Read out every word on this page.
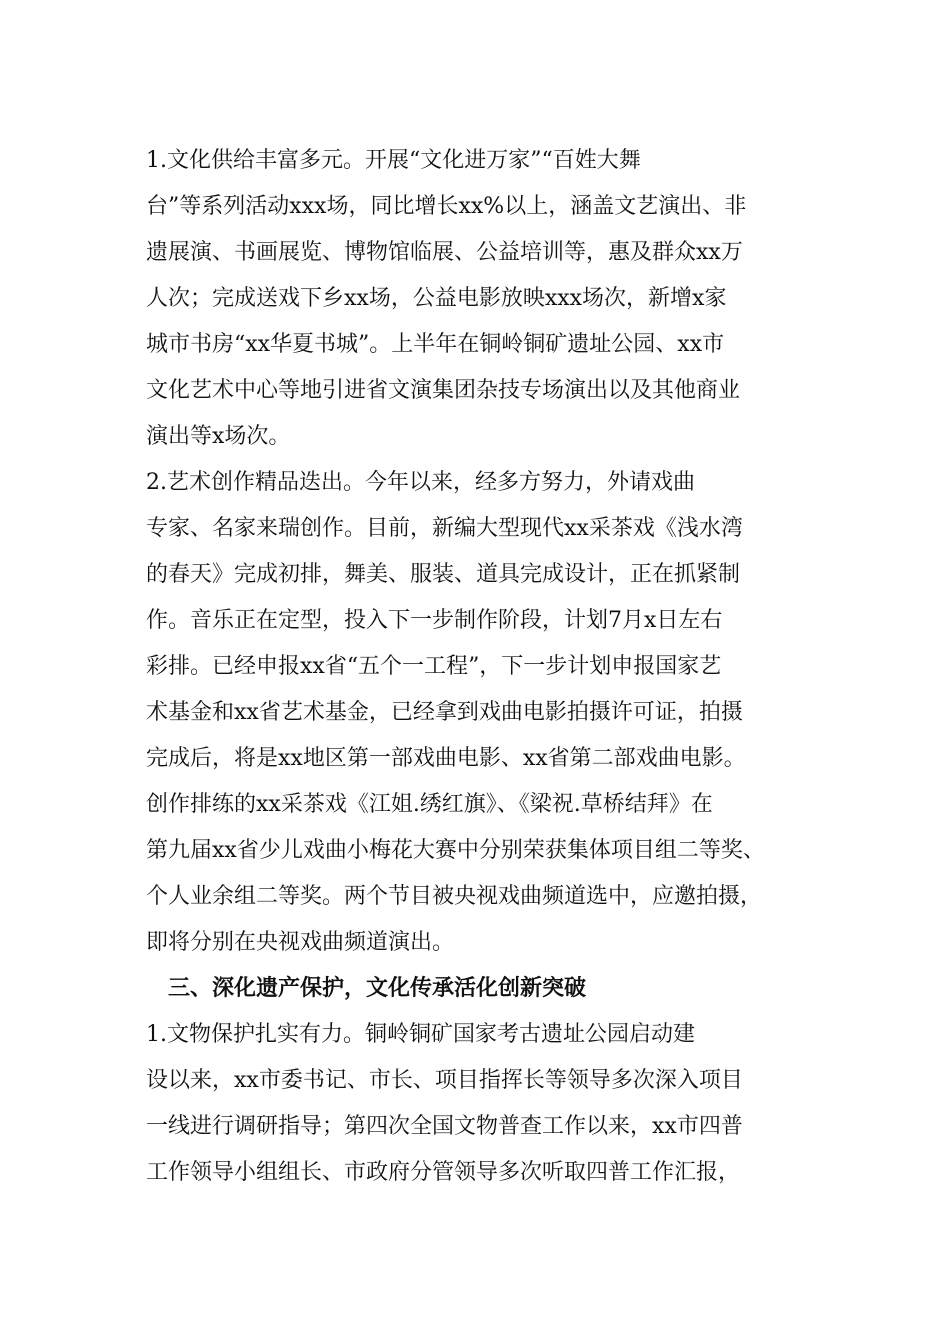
1.文化供给丰富多元。开展“文化进万家”“百姓大舞
台”等系列活动xxx场，同比增长xx%以上，涵盖文艺演出、非
遗展演、书画展览、博物馆临展、公益培训等，惠及群众xx万
人次；完成送戏下乡xx场，公益电影放映xxx场次，新增x家
城市书房“xx华夏书城”。上半年在铜岭铜矿遗址公园、xx市
文化艺术中心等地引进省文演集团杂技专场演出以及其他商业
演出等x场次。
2.艺术创作精品迭出。今年以来，经多方努力，外请戏曲
专家、名家来瑞创作。目前，新编大型现代xx采茶戏《浅水湾
的春天》完成初排，舞美、服装、道具完成设计，正在抓紧制
作。音乐正在定型，投入下一步制作阶段，计划7月x日左右
彩排。已经申报xx省“五个一工程”，下一步计划申报国家艺
术基金和xx省艺术基金，已经拿到戏曲电影拍摄许可证，拍摄
完成后，将是xx地区第一部戏曲电影、xx省第二部戏曲电影。
创作排练的xx采茶戏《江姐.绣红旗》、《梁祝.草桥结拜》在
第九届xx省少儿戏曲小梅花大赛中分别荣获集体项目组二等奖、
个人业余组二等奖。两个节目被央视戏曲频道选中，应邀拍摄，
即将分别在央视戏曲频道演出。
三、深化遗产保护，文化传承活化创新突破
1.文物保护扎实有力。铜岭铜矿国家考古遗址公园启动建
设以来，xx市委书记、市长、项目指挥长等领导多次深入项目
一线进行调研指导；第四次全国文物普查工作以来，xx市四普
工作领导小组组长、市政府分管领导多次听取四普工作汇报，
